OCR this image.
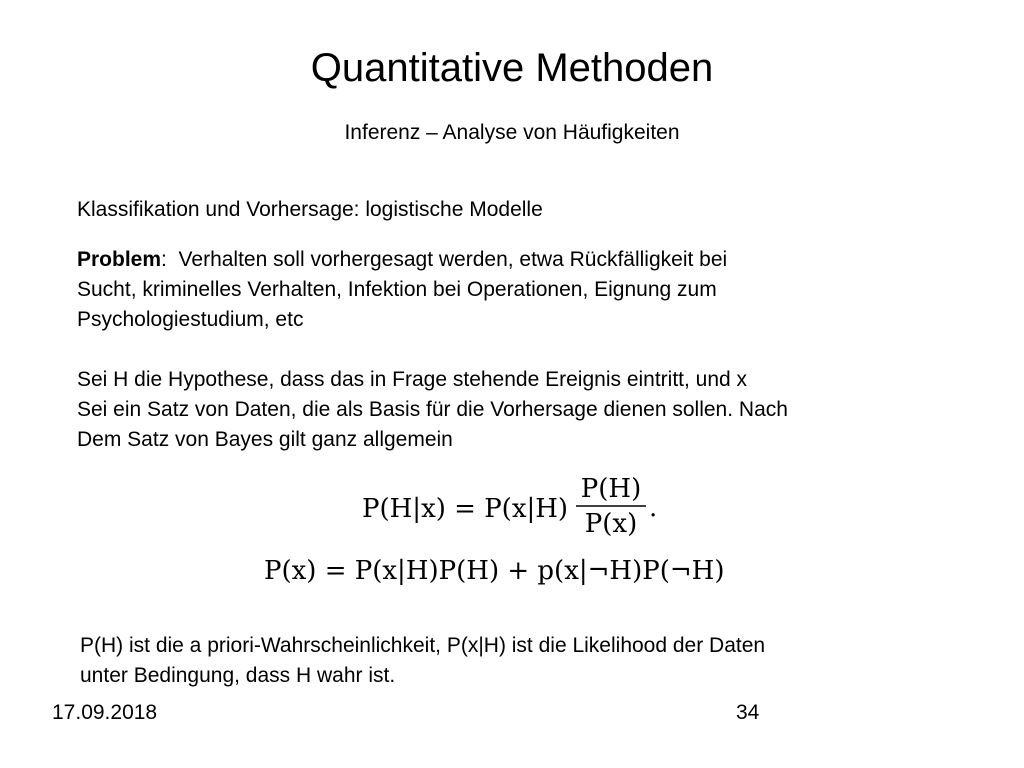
Quantitative Methoden
Inferenz – Analyse von Häufigkeiten
Klassifikation und Vorhersage: logistische Modelle
Problem:  Verhalten soll vorhergesagt werden, etwa Rückfälligkeit bei
Sucht, kriminelles Verhalten, Infektion bei Operationen, Eignung zum
Psychologiestudium, etc
Sei H die Hypothese, dass das in Frage stehende Ereignis eintritt, und x
Sei ein Satz von Daten, die als Basis für die Vorhersage dienen sollen. Nach
Dem Satz von Bayes gilt ganz allgemein
P(H|x) = P(x|H)
P(H)
P(x)
.
P(x) = P(x|H)P(H) + p(x|¬H)P(¬H)
P(H) ist die a priori-Wahrscheinlichkeit, P(x|H) ist die Likelihood der Daten
unter Bedingung, dass H wahr ist.
17.09.2018	34
